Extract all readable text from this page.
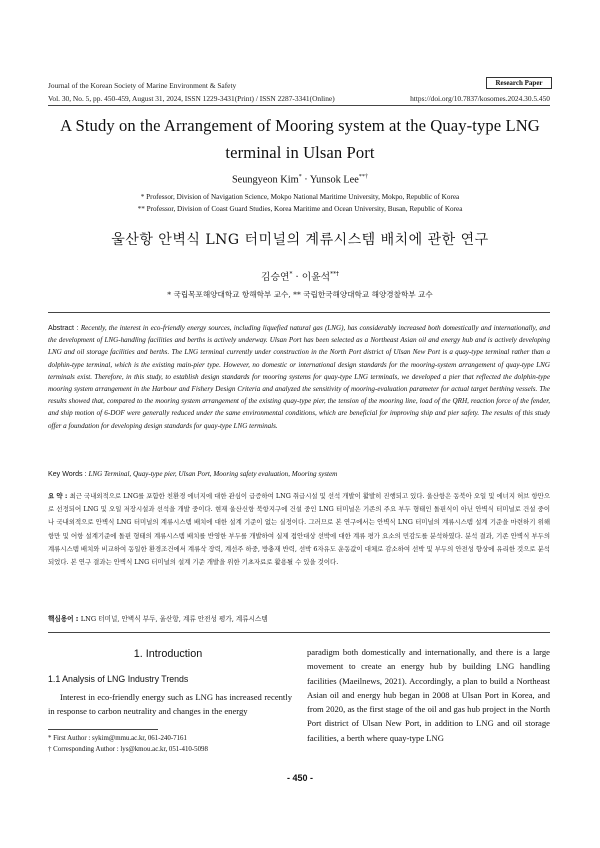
Journal of the Korean Society of Marine Environment & Safety	Research Paper
Vol. 30, No. 5, pp. 450-459, August 31, 2024, ISSN 1229-3431(Print) / ISSN 2287-3341(Online)	https://doi.org/10.7837/kosomes.2024.30.5.450
A Study on the Arrangement of Mooring system at the Quay-type LNG terminal in Ulsan Port
Seungyeon Kim* · Yunsok Lee**†
* Professor, Division of Navigation Science, Mokpo National Maritime University, Mokpo, Republic of Korea
** Professor, Division of Coast Guard Studies, Korea Maritime and Ocean University, Busan, Republic of Korea
울산항 안벽식 LNG 터미널의 계류시스템 배치에 관한 연구
김승연* · 이윤석**†
* 국립목포해양대학교 항해학부 교수, ** 국립한국해양대학교 해양경찰학부 교수
Abstract : Recently, the interest in eco-friendly energy sources, including liquefied natural gas (LNG), has considerably increased both domestically and internationally, and the development of LNG-handling facilities and berths is actively underway. Ulsan Port has been selected as a Northeast Asian oil and energy hub and is actively developing LNG and oil storage facilities and berths. The LNG terminal currently under construction in the North Port district of Ulsan New Port is a quay-type terminal rather than a dolphin-type terminal, which is the existing main-pier type. However, no domestic or international design standards for the mooring-system arrangement of quay-type LNG terminals exist. Therefore, in this study, to establish design standards for mooring systems for quay-type LNG terminals, we developed a pier that reflected the dolphin-type mooring system arrangement in the Harbour and Fishery Design Criteria and analyzed the sensitivity of mooring-evaluation parameter for actual target berthing vessels. The results showed that, compared to the mooring system arrangement of the existing quay-type pier, the tension of the mooring line, load of the QRH, reaction force of the fender, and ship motion of 6-DOF were generally reduced under the same environmental conditions, which are beneficial for improving ship and pier safety. The results of this study offer a foundation for developing design standards for quay-type LNG terminals.
Key Words : LNG Terminal, Quay-type pier, Ulsan Port, Mooring safety evaluation, Mooring system
요 약 : 최근 국내외적으로 LNG를 포함한 친환경 에너지에 대한 관심이 급증하여 LNG 취급시설 및 선석 개발이 활발히 진행되고 있다. 울산항은 동북아 오일 및 에너지 허브 항만으로 선정되어 LNG 및 오일 저장시설과 선석을 개발 중이다. 현재 울산신항 북항지구에 건설 중인 LNG 터미널은 기존의 주요 부두 형태인 돌핀식이 아닌 안벽식 터미널로 건설 중이나 국내외적으로 안벽식 LNG 터미널의 계류시스템 배치에 대한 설계 기준이 없는 실정이다. 그러므로 본 연구에서는 안벽식 LNG 터미널의 계류시스템 설계 기준을 마련하기 위해 항만 및 어항 설계기준에 돌핀 형태의 계류시스템 배치를 반영한 부두를 개발하여 실제 접안대상 선박에 대한 계류 평가 요소의 민감도를 분석하였다. 분석 결과, 기존 안벽식 부두의 계류시스템 배치와 비교하여 동일한 환경조건에서 계류삭 장력, 계선주 하중, 방충재 반력, 선박 6자유도 운동값이 대체로 감소하여 선박 및 부두의 안전성 향상에 유리한 것으로 분석되었다. 본 연구 결과는 안벽식 LNG 터미널의 설계 기준 개발을 위한 기초자료로 활용될 수 있을 것이다.
핵심용어 : LNG 터미널, 안벽식 부두, 울산항, 계류 안전성 평가, 계류시스템
1. Introduction
1.1 Analysis of LNG Industry Trends
Interest in eco-friendly energy such as LNG has increased recently in response to carbon neutrality and changes in the energy
* First Author : sykim@mmu.ac.kr, 061-240-7161
† Corresponding Author : lys@kmou.ac.kr, 051-410-5098
paradigm both domestically and internationally, and there is a large movement to create an energy hub by building LNG handling facilities (Maeilnews, 2021). Accordingly, a plan to build a Northeast Asian oil and energy hub began in 2008 at Ulsan Port in Korea, and from 2020, as the first stage of the oil and gas hub project in the North Port district of Ulsan New Port, in addition to LNG and oil storage facilities, a berth where quay-type LNG
- 450 -
